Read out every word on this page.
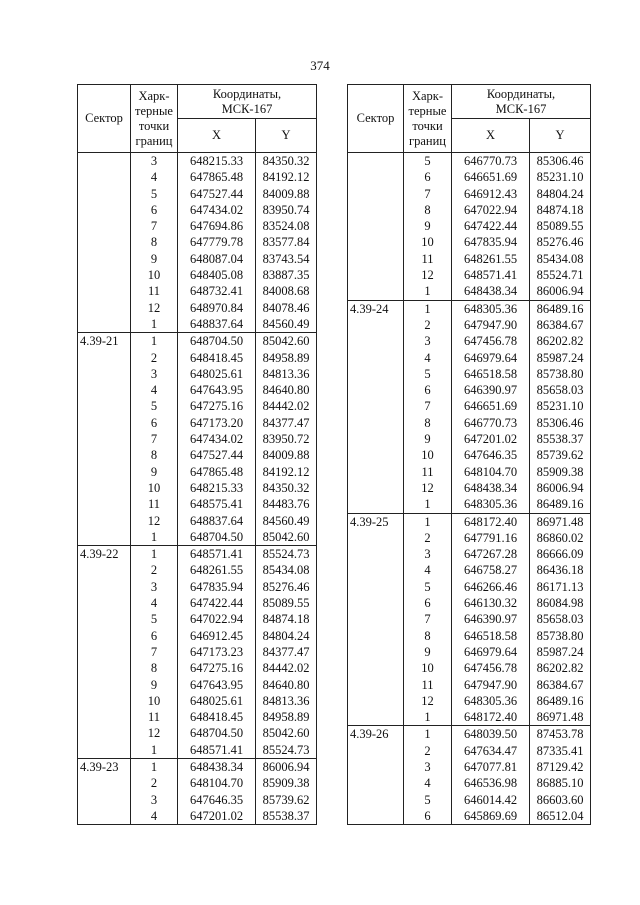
374
Сектор	Харк-
терные
точки
границ	Координаты,
МСК-167	
		X	Y
	3	648215.33	84350.32
	4	647865.48	84192.12
	5	647527.44	84009.88
	6	647434.02	83950.74
	7	647694.86	83524.08
	8	647779.78	83577.84
	9	648087.04	83743.54
	10	648405.08	83887.35
	11	648732.41	84008.68
	12	648970.84	84078.46
	1	648837.64	84560.49
4.39-21	1	648704.50	85042.60
	2	648418.45	84958.89
	3	648025.61	84813.36
	4	647643.95	84640.80
	5	647275.16	84442.02
	6	647173.20	84377.47
	7	647434.02	83950.72
	8	647527.44	84009.88
	9	647865.48	84192.12
	10	648215.33	84350.32
	11	648575.41	84483.76
	12	648837.64	84560.49
	1	648704.50	85042.60
4.39-22	1	648571.41	85524.73
	2	648261.55	85434.08
	3	647835.94	85276.46
	4	647422.44	85089.55
	5	647022.94	84874.18
	6	646912.45	84804.24
	7	647173.23	84377.47
	8	647275.16	84442.02
	9	647643.95	84640.80
	10	648025.61	84813.36
	11	648418.45	84958.89
	12	648704.50	85042.60
	1	648571.41	85524.73
4.39-23	1	648438.34	86006.94
	2	648104.70	85909.38
	3	647646.35	85739.62
	4	647201.02	85538.37
Сектор	Харк-
терные
точки
границ	Координаты,
МСК-167	
		X	Y
	5	646770.73	85306.46
	6	646651.69	85231.10
	7	646912.43	84804.24
	8	647022.94	84874.18
	9	647422.44	85089.55
	10	647835.94	85276.46
	11	648261.55	85434.08
	12	648571.41	85524.71
	1	648438.34	86006.94
4.39-24	1	648305.36	86489.16
	2	647947.90	86384.67
	3	647456.78	86202.82
	4	646979.64	85987.24
	5	646518.58	85738.80
	6	646390.97	85658.03
	7	646651.69	85231.10
	8	646770.73	85306.46
	9	647201.02	85538.37
	10	647646.35	85739.62
	11	648104.70	85909.38
	12	648438.34	86006.94
	1	648305.36	86489.16
4.39-25	1	648172.40	86971.48
	2	647791.16	86860.02
	3	647267.28	86666.09
	4	646758.27	86436.18
	5	646266.46	86171.13
	6	646130.32	86084.98
	7	646390.97	85658.03
	8	646518.58	85738.80
	9	646979.64	85987.24
	10	647456.78	86202.82
	11	647947.90	86384.67
	12	648305.36	86489.16
	1	648172.40	86971.48
4.39-26	1	648039.50	87453.78
	2	647634.47	87335.41
	3	647077.81	87129.42
	4	646536.98	86885.10
	5	646014.42	86603.60
	6	645869.69	86512.04
